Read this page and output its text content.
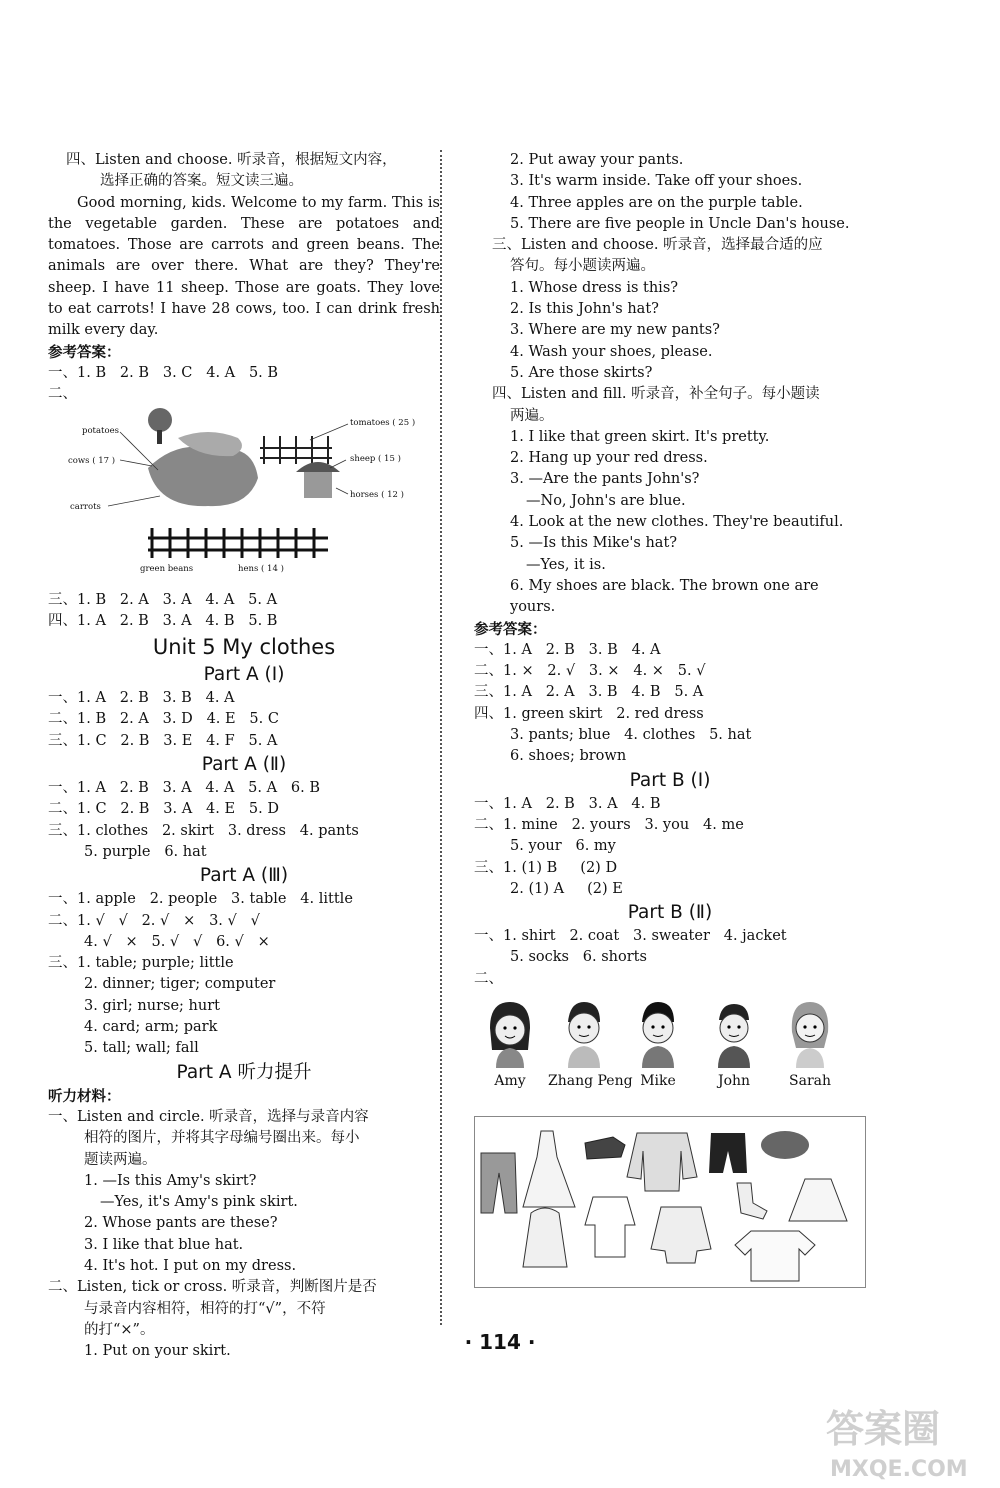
四、Listen and choose. 听录音，根据短文内容，

选择正确的答案。短文读三遍。

Good morning, kids. Welcome to my farm. This is the vegetable garden. These are potatoes and tomatoes. Those are carrots and green beans. The animals are over there. What are they? They're sheep. I have 11 sheep. Those are goats. They love to eat carrots! I have 28 cows, too. I can drink fresh milk every day.

参考答案：

一、1. B   2. B   3. C   4. A   5. B

二、

potatoes
cows ( 17 )
carrots
green beans	hens ( 14 )
tomatoes ( 25 )
sheep ( 15 )
horses ( 12 )

三、1. B   2. A   3. A   4. A   5. A

四、1. A   2. B   3. A   4. B   5. B

Unit 5 My clothes

Part A (Ⅰ)

一、1. A   2. B   3. B   4. A

二、1. B   2. A   3. D   4. E   5. C

三、1. C   2. B   3. E   4. F   5. A

Part A (Ⅱ)

一、1. A   2. B   3. A   4. A   5. A   6. B

二、1. C   2. B   3. A   4. E   5. D

三、1. clothes   2. skirt   3. dress   4. pants

5. purple   6. hat

Part A (Ⅲ)

一、1. apple   2. people   3. table   4. little

二、1. √   √   2. √   ×   3. √   √

4. √   ×   5. √   √   6. √   ×

三、1. table; purple; little

2. dinner; tiger; computer

3. girl; nurse; hurt

4. card; arm; park

5. tall; wall; fall

Part A 听力提升

听力材料：

一、Listen and circle. 听录音，选择与录音内容

相符的图片，并将其字母编号圈出来。每小

题读两遍。

1. —Is this Amy's skirt?

—Yes, it's Amy's pink skirt.

2. Whose pants are these?

3. I like that blue hat.

4. It's hot. I put on my dress.

二、Listen, tick or cross. 听录音，判断图片是否

与录音内容相符，相符的打“√”，不符

的打“×”。

1. Put on your skirt.

2. Put away your pants.

3. It's warm inside. Take off your shoes.

4. Three apples are on the purple table.

5. There are five people in Uncle Dan's house.

三、Listen and choose. 听录音，选择最合适的应

答句。每小题读两遍。

1. Whose dress is this?

2. Is this John's hat?

3. Where are my new pants?

4. Wash your shoes, please.

5. Are those skirts?

四、Listen and fill. 听录音，补全句子。每小题读

两遍。

1. I like that green skirt. It's pretty.

2. Hang up your red dress.

3. —Are the pants John's?

—No, John's are blue.

4. Look at the new clothes. They're beautiful.

5. —Is this Mike's hat?

—Yes, it is.

6. My shoes are black. The brown one are yours.

参考答案：

一、1. A   2. B   3. B   4. A

二、1. ×   2. √   3. ×   4. ×   5. √

三、1. A   2. A   3. B   4. B   5. A

四、1. green skirt   2. red dress

3. pants; blue   4. clothes   5. hat

6. shoes; brown

Part B (Ⅰ)

一、1. A   2. B   3. A   4. B

二、1. mine   2. yours   3. you   4. me

5. your   6. my

三、1. (1) B     (2) D

2. (1) A     (2) E

Part B (Ⅱ)

一、1. shirt   2. coat   3. sweater   4. jacket

5. socks   6. shorts

二、

Amy	Zhang Peng Mike	John	Sarah
· 114 ·
答案圈
MXQE.COM
